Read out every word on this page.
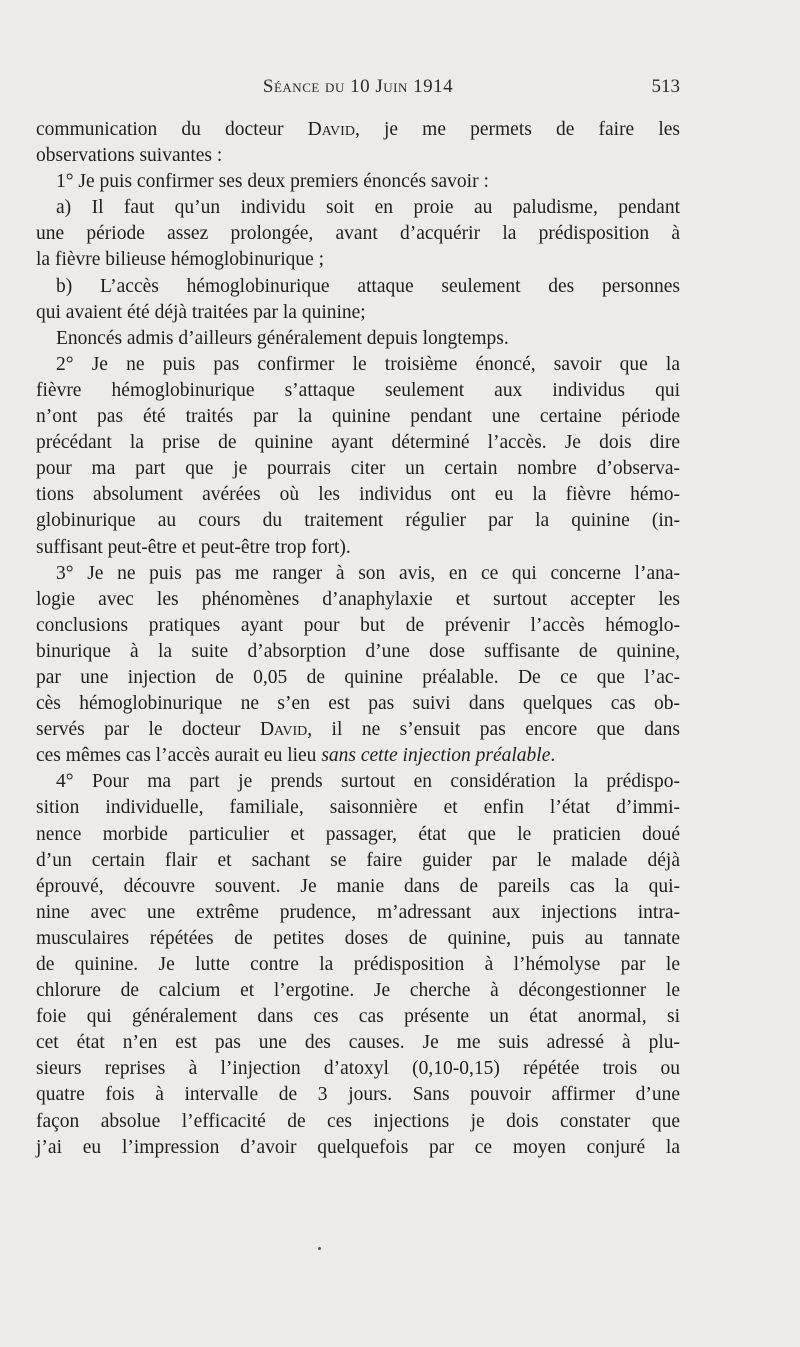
Séance du 10 Juin 1914	513
communication du docteur David, je me permets de faire les
observations suivantes :
1° Je puis confirmer ses deux premiers énoncés savoir :
a) Il faut qu’un individu soit en proie au paludisme, pendant
une période assez prolongée, avant d’acquérir la prédisposition à
la fièvre bilieuse hémoglobinurique ;
b) L’accès hémoglobinurique attaque seulement des personnes
qui avaient été déjà traitées par la quinine;
Enoncés admis d’ailleurs généralement depuis longtemps.
2° Je ne puis pas confirmer le troisième énoncé, savoir que la
fièvre hémoglobinurique s’attaque seulement aux individus qui
n’ont pas été traités par la quinine pendant une certaine période
précédant la prise de quinine ayant déterminé l’accès. Je dois dire
pour ma part que je pourrais citer un certain nombre d’observa-
tions absolument avérées où les individus ont eu la fièvre hémo-
globinurique au cours du traitement régulier par la quinine (in-
suffisant peut-être et peut-être trop fort).
3° Je ne puis pas me ranger à son avis, en ce qui concerne l’ana-
logie avec les phénomènes d’anaphylaxie et surtout accepter les
conclusions pratiques ayant pour but de prévenir l’accès hémoglo-
binurique à la suite d’absorption d’une dose suffisante de quinine,
par une injection de 0,05 de quinine préalable. De ce que l’ac-
cès hémoglobinurique ne s’en est pas suivi dans quelques cas ob-
servés par le docteur David, il ne s’ensuit pas encore que dans
ces mêmes cas l’accès aurait eu lieu sans cette injection préalable.
4° Pour ma part je prends surtout en considération la prédispo-
sition individuelle, familiale, saisonnière et enfin l’état d’immi-
nence morbide particulier et passager, état que le praticien doué
d’un certain flair et sachant se faire guider par le malade déjà
éprouvé, découvre souvent. Je manie dans de pareils cas la qui-
nine avec une extrême prudence, m’adressant aux injections intra-
musculaires répétées de petites doses de quinine, puis au tannate
de quinine. Je lutte contre la prédisposition à l’hémolyse par le
chlorure de calcium et l’ergotine. Je cherche à décongestionner le
foie qui généralement dans ces cas présente un état anormal, si
cet état n’en est pas une des causes. Je me suis adressé à plu-
sieurs reprises à l’injection d’atoxyl (0,10-0,15) répétée trois ou
quatre fois à intervalle de 3 jours. Sans pouvoir affirmer d’une
façon absolue l’efficacité de ces injections je dois constater que
j’ai eu l’impression d’avoir quelquefois par ce moyen conjuré la
